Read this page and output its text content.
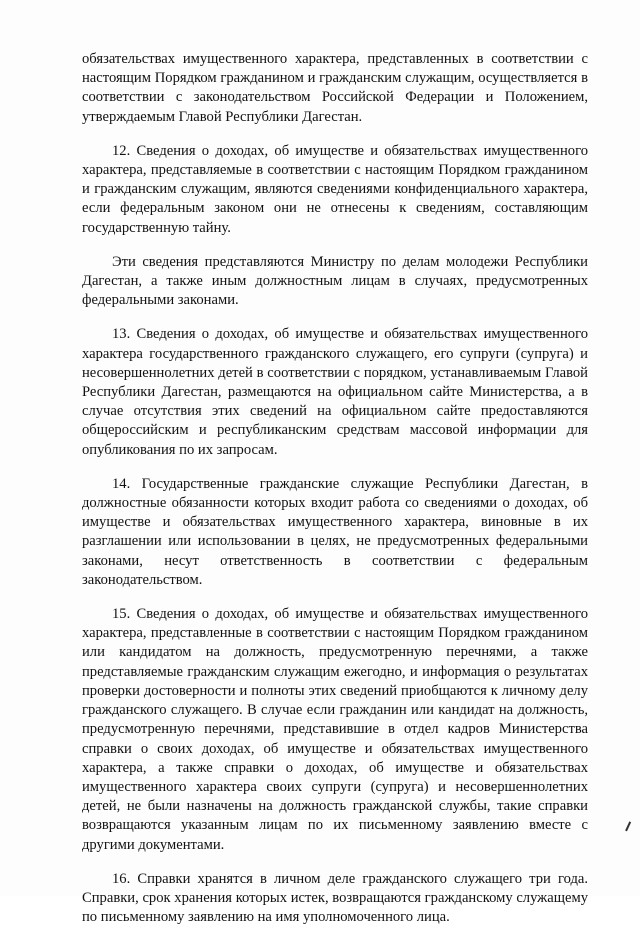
обязательствах имущественного характера, представленных в соответствии с настоящим Порядком гражданином и гражданским служащим, осуществляется в соответствии с законодательством Российской Федерации и Положением, утверждаемым Главой Республики Дагестан.

12. Сведения о доходах, об имуществе и обязательствах имущественного характера, представляемые в соответствии с настоящим Порядком гражданином и гражданским служащим, являются сведениями конфиденциального характера, если федеральным законом они не отнесены к сведениям, составляющим государственную тайну.

Эти сведения представляются Министру по делам молодежи Республики Дагестан, а также иным должностным лицам в случаях, предусмотренных федеральными законами.

13. Сведения о доходах, об имуществе и обязательствах имущественного характера государственного гражданского служащего, его супруги (супруга) и несовершеннолетних детей в соответствии с порядком, устанавливаемым Главой Республики Дагестан, размещаются на официальном сайте Министерства, а в случае отсутствия этих сведений на официальном сайте предоставляются общероссийским и республиканским средствам массовой информации для опубликования по их запросам.

14. Государственные гражданские служащие Республики Дагестан, в должностные обязанности которых входит работа со сведениями о доходах, об имуществе и обязательствах имущественного характера, виновные в их разглашении или использовании в целях, не предусмотренных федеральными законами, несут ответственность в соответствии с федеральным законодательством.

15. Сведения о доходах, об имуществе и обязательствах имущественного характера, представленные в соответствии с настоящим Порядком гражданином или кандидатом на должность, предусмотренную перечнями, а также представляемые гражданским служащим ежегодно, и информация о результатах проверки достоверности и полноты этих сведений приобщаются к личному делу гражданского служащего. В случае если гражданин или кандидат на должность, предусмотренную перечнями, представившие в отдел кадров Министерства справки о своих доходах, об имуществе и обязательствах имущественного характера, а также справки о доходах, об имуществе и обязательствах имущественного характера своих супруги (супруга) и несовершеннолетних детей, не были назначены на должность гражданской службы, такие справки возвращаются указанным лицам по их письменному заявлению вместе с другими документами.

16. Справки хранятся в личном деле гражданского служащего три года. Справки, срок хранения которых истек, возвращаются гражданскому служащему по письменному заявлению на имя уполномоченного лица.
